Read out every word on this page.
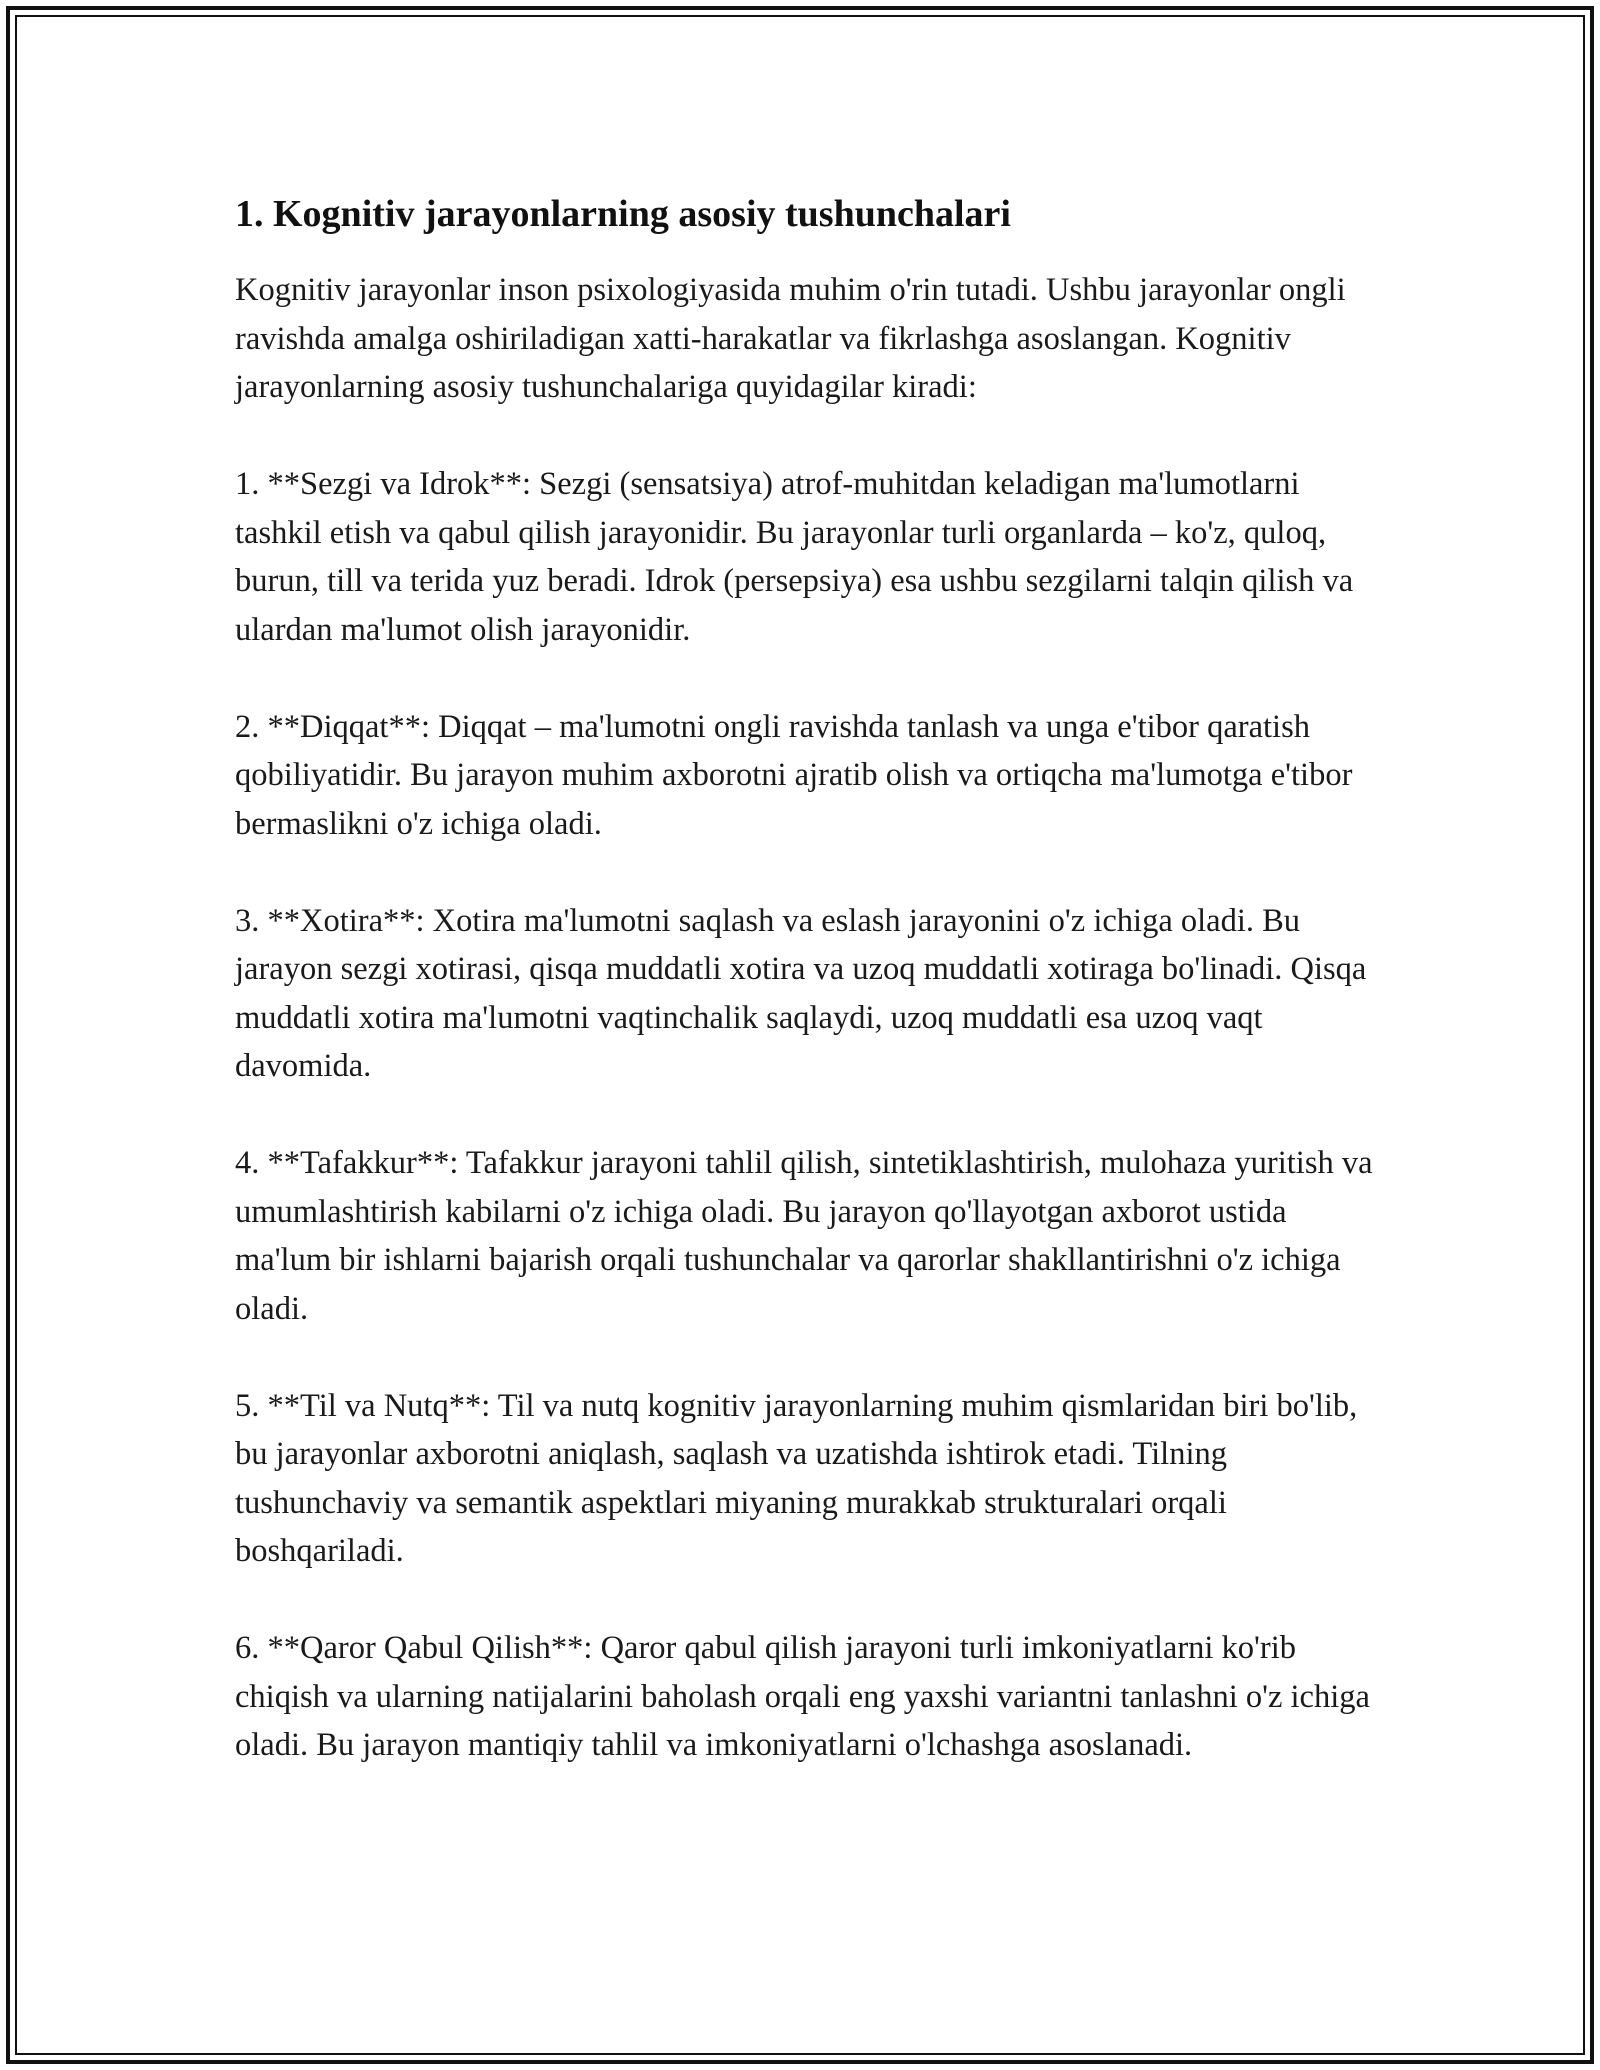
1. Kognitiv jarayonlarning asosiy tushunchalari

Kognitiv jarayonlar inson psixologiyasida muhim o'rin tutadi. Ushbu jarayonlar ongli ravishda amalga oshiriladigan xatti-harakatlar va fikrlashga asoslangan. Kognitiv jarayonlarning asosiy tushunchalariga quyidagilar kiradi:

1. **Sezgi va Idrok**: Sezgi (sensatsiya) atrof-muhitdan keladigan ma'lumotlarni tashkil etish va qabul qilish jarayonidir. Bu jarayonlar turli organlarda – ko'z, quloq, burun, till va terida yuz beradi. Idrok (persepsiya) esa ushbu sezgilarni talqin qilish va ulardan ma'lumot olish jarayonidir.

2. **Diqqat**: Diqqat – ma'lumotni ongli ravishda tanlash va unga e'tibor qaratish qobiliyatidir. Bu jarayon muhim axborotni ajratib olish va ortiqcha ma'lumotga e'tibor bermaslikni o'z ichiga oladi.

3. **Xotira**: Xotira ma'lumotni saqlash va eslash jarayonini o'z ichiga oladi. Bu jarayon sezgi xotirasi, qisqa muddatli xotira va uzoq muddatli xotiraga bo'linadi. Qisqa muddatli xotira ma'lumotni vaqtinchalik saqlaydi, uzoq muddatli esa uzoq vaqt davomida.

4. **Tafakkur**: Tafakkur jarayoni tahlil qilish, sintetiklashtirish, mulohaza yuritish va umumlashtirish kabilarni o'z ichiga oladi. Bu jarayon qo'llayotgan axborot ustida ma'lum bir ishlarni bajarish orqali tushunchalar va qarorlar shakllantirishni o'z ichiga oladi.

5. **Til va Nutq**: Til va nutq kognitiv jarayonlarning muhim qismlaridan biri bo'lib, bu jarayonlar axborotni aniqlash, saqlash va uzatishda ishtirok etadi. Tilning tushunchaviy va semantik aspektlari miyaning murakkab strukturalari orqali boshqariladi.

6. **Qaror Qabul Qilish**: Qaror qabul qilish jarayoni turli imkoniyatlarni ko'rib chiqish va ularning natijalarini baholash orqali eng yaxshi variantni tanlashni o'z ichiga oladi. Bu jarayon mantiqiy tahlil va imkoniyatlarni o'lchashga asoslanadi.
